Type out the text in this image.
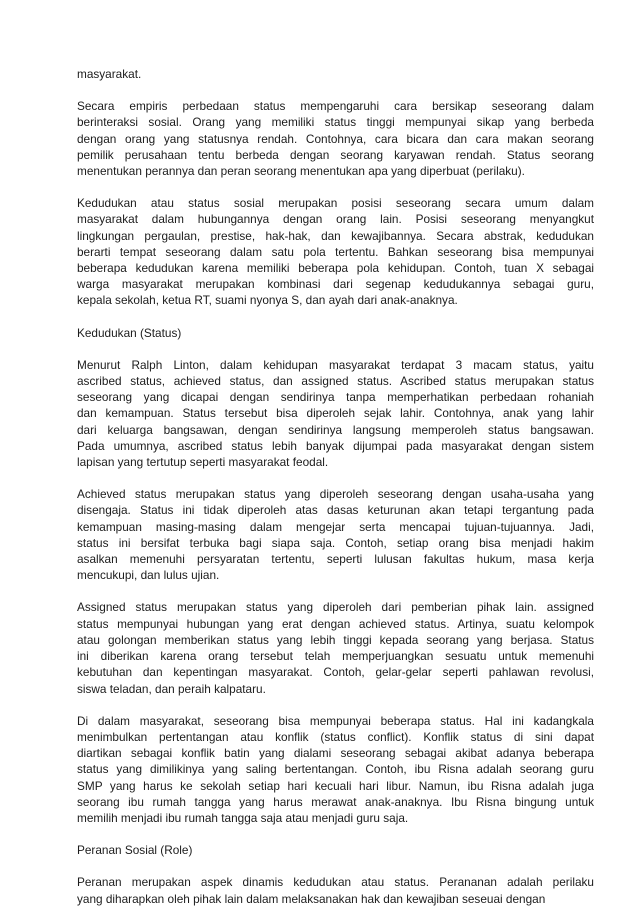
masyarakat.

Secara empiris perbedaan status mempengaruhi cara bersikap seseorang dalam
berinteraksi sosial. Orang yang memiliki status tinggi mempunyai sikap yang berbeda
dengan orang yang statusnya rendah. Contohnya, cara bicara dan cara makan seorang
pemilik perusahaan tentu berbeda dengan seorang karyawan rendah. Status seorang
menentukan perannya dan peran seorang menentukan apa yang diperbuat (perilaku).

Kedudukan atau status sosial merupakan posisi seseorang secara umum dalam
masyarakat dalam hubungannya dengan orang lain. Posisi seseorang menyangkut
lingkungan pergaulan, prestise, hak-hak, dan kewajibannya. Secara abstrak, kedudukan
berarti tempat seseorang dalam satu pola tertentu. Bahkan seseorang bisa mempunyai
beberapa kedudukan karena memiliki beberapa pola kehidupan. Contoh, tuan X sebagai
warga masyarakat merupakan kombinasi dari segenap kedudukannya sebagai guru,
kepala sekolah, ketua RT, suami nyonya S, dan ayah dari anak-anaknya.

Kedudukan (Status)

Menurut Ralph Linton, dalam kehidupan masyarakat terdapat 3 macam status, yaitu
ascribed status, achieved status, dan assigned status. Ascribed status merupakan status
seseorang yang dicapai dengan sendirinya tanpa memperhatikan perbedaan rohaniah
dan kemampuan. Status tersebut bisa diperoleh sejak lahir. Contohnya, anak yang lahir
dari keluarga bangsawan, dengan sendirinya langsung memperoleh status bangsawan.
Pada umumnya, ascribed status lebih banyak dijumpai pada masyarakat dengan sistem
lapisan yang tertutup seperti masyarakat feodal.

Achieved status merupakan status yang diperoleh seseorang dengan usaha-usaha yang
disengaja. Status ini tidak diperoleh atas dasas keturunan akan tetapi tergantung pada
kemampuan masing-masing dalam mengejar serta mencapai tujuan-tujuannya. Jadi,
status ini bersifat terbuka bagi siapa saja. Contoh, setiap orang bisa menjadi hakim
asalkan memenuhi persyaratan tertentu, seperti lulusan fakultas hukum, masa kerja
mencukupi, dan lulus ujian.

Assigned status merupakan status yang diperoleh dari pemberian pihak lain. assigned
status mempunyai hubungan yang erat dengan achieved status. Artinya, suatu kelompok
atau golongan memberikan status yang lebih tinggi kepada seorang yang berjasa. Status
ini diberikan karena orang tersebut telah memperjuangkan sesuatu untuk memenuhi
kebutuhan dan kepentingan masyarakat. Contoh, gelar-gelar seperti pahlawan revolusi,
siswa teladan, dan peraih kalpataru.

Di dalam masyarakat, seseorang bisa mempunyai beberapa status. Hal ini kadangkala
menimbulkan pertentangan atau konflik (status conflict). Konflik status di sini dapat
diartikan sebagai konflik batin yang dialami seseorang sebagai akibat adanya beberapa
status yang dimilikinya yang saling bertentangan. Contoh, ibu Risna adalah seorang guru
SMP yang harus ke sekolah setiap hari kecuali hari libur. Namun, ibu Risna adalah juga
seorang ibu rumah tangga yang harus merawat anak-anaknya. Ibu Risna bingung untuk
memilih menjadi ibu rumah tangga saja atau menjadi guru saja.

Peranan Sosial (Role)

Peranan merupakan aspek dinamis kedudukan atau status. Perananan adalah perilaku
yang diharapkan oleh pihak lain dalam melaksanakan hak dan kewajiban seseuai dengan
